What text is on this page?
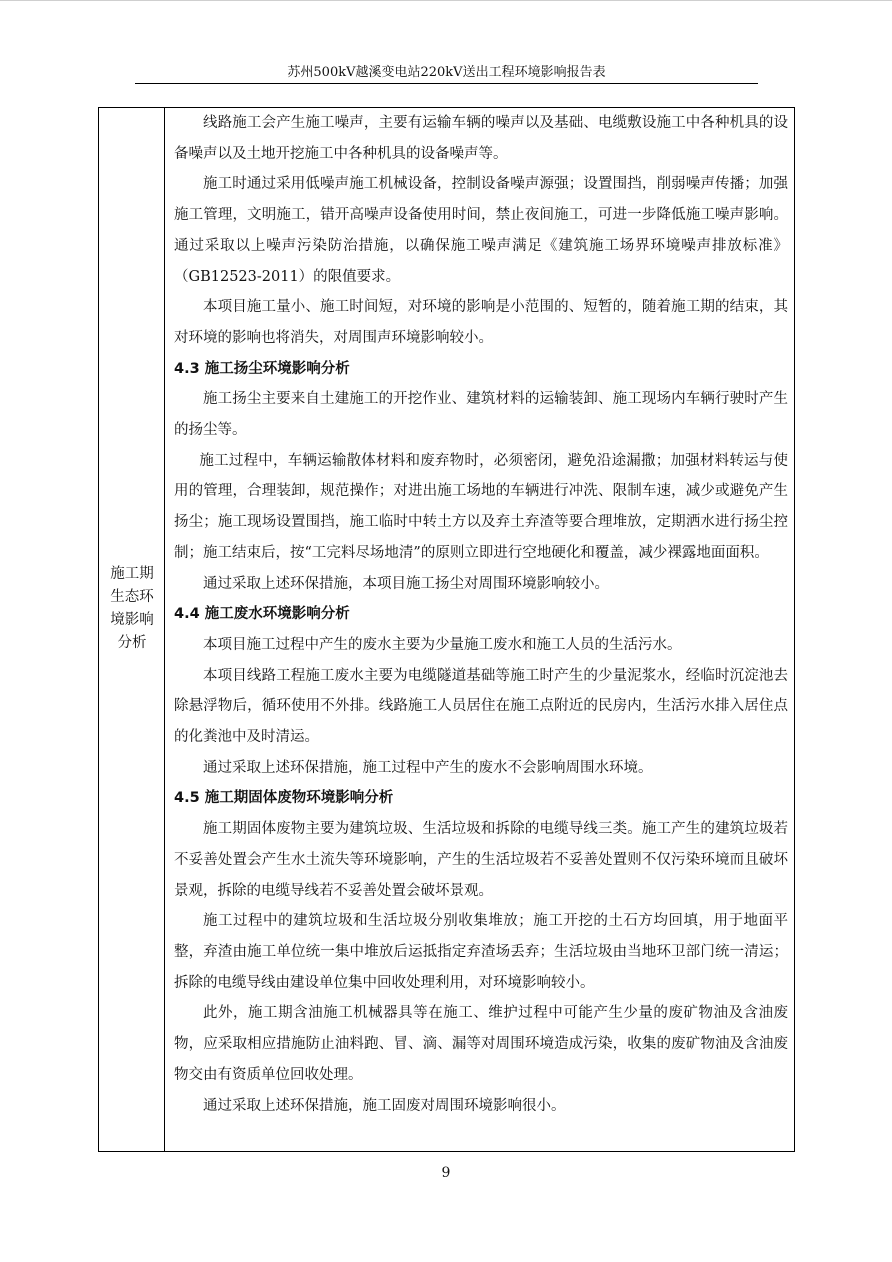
苏州500kV越溪变电站220kV送出工程环境影响报告表
施工期
生态环
境影响
分析

线路施工会产生施工噪声，主要有运输车辆的噪声以及基础、电缆敷设施工中各种机具的设备噪声以及土地开挖施工中各种机具的设备噪声等。

施工时通过采用低噪声施工机械设备，控制设备噪声源强；设置围挡，削弱噪声传播；加强施工管理，文明施工，错开高噪声设备使用时间，禁止夜间施工，可进一步降低施工噪声影响。通过采取以上噪声污染防治措施，以确保施工噪声满足《建筑施工场界环境噪声排放标准》（GB12523-2011）的限值要求。

本项目施工量小、施工时间短，对环境的影响是小范围的、短暂的，随着施工期的结束，其对环境的影响也将消失，对周围声环境影响较小。

4.3 施工扬尘环境影响分析

施工扬尘主要来自土建施工的开挖作业、建筑材料的运输装卸、施工现场内车辆行驶时产生的扬尘等。

施工过程中，车辆运输散体材料和废弃物时，必须密闭，避免沿途漏撒；加强材料转运与使用的管理，合理装卸，规范操作；对进出施工场地的车辆进行冲洗、限制车速，减少或避免产生扬尘；施工现场设置围挡，施工临时中转土方以及弃土弃渣等要合理堆放，定期洒水进行扬尘控制；施工结束后，按“工完料尽场地清”的原则立即进行空地硬化和覆盖，减少裸露地面面积。

通过采取上述环保措施，本项目施工扬尘对周围环境影响较小。

4.4 施工废水环境影响分析

本项目施工过程中产生的废水主要为少量施工废水和施工人员的生活污水。

本项目线路工程施工废水主要为电缆隧道基础等施工时产生的少量泥浆水，经临时沉淀池去除悬浮物后，循环使用不外排。线路施工人员居住在施工点附近的民房内，生活污水排入居住点的化粪池中及时清运。

通过采取上述环保措施，施工过程中产生的废水不会影响周围水环境。

4.5 施工期固体废物环境影响分析

施工期固体废物主要为建筑垃圾、生活垃圾和拆除的电缆导线三类。施工产生的建筑垃圾若不妥善处置会产生水土流失等环境影响，产生的生活垃圾若不妥善处置则不仅污染环境而且破坏景观，拆除的电缆导线若不妥善处置会破坏景观。

施工过程中的建筑垃圾和生活垃圾分别收集堆放；施工开挖的土石方均回填，用于地面平整，弃渣由施工单位统一集中堆放后运抵指定弃渣场丢弃；生活垃圾由当地环卫部门统一清运；拆除的电缆导线由建设单位集中回收处理利用，对环境影响较小。

此外，施工期含油施工机械器具等在施工、维护过程中可能产生少量的废矿物油及含油废物，应采取相应措施防止油料跑、冒、滴、漏等对周围环境造成污染，收集的废矿物油及含油废物交由有资质单位回收处理。

通过采取上述环保措施，施工固废对周围环境影响很小。

9
